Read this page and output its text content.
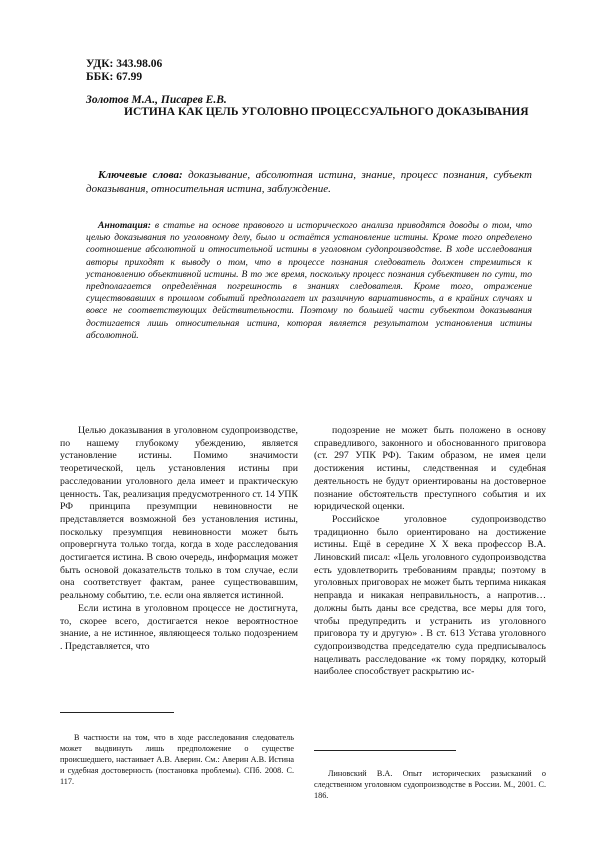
УДК: 343.98.06
ББК: 67.99
Золотов М.А., Писарев Е.В.
ИСТИНА КАК ЦЕЛЬ УГОЛОВНО ПРОЦЕССУАЛЬНОГО ДОКАЗЫВАНИЯ
Ключевые слова: доказывание, абсолютная истина, знание, процесс познания, субъект доказывания, относительная истина, заблуждение.
Аннотация: в статье на основе правового и исторического анализа приводятся доводы о том, что целью доказывания по уголовному делу, было и остаётся установление истины. Кроме того определено соотношение абсолютной и относительной истины в уголовном судопроизводстве. В ходе исследования авторы приходят к выводу о том, что в процессе познания следователь должен стремиться к установлению объективной истины. В то же время, поскольку процесс познания субъективен по сути, то предполагается определённая погрешность в знаниях следователя. Кроме того, отражение существовавших в прошлом событий предполагает их различную вариативность, а в крайних случаях и вовсе не соответствующих действительности. Поэтому по большей части субъектом доказывания достигается лишь относительная истина, которая является результатом установления истины абсолютной.

Целью доказывания в уголовном судопроизводстве, по нашему глубокому убеждению, является установление истины. Помимо значимости теоретической, цель установления истины при расследовании уголовного дела имеет и практическую ценность. Так, реализация предусмотренного ст. 14 УПК РФ принципа презумпции невиновности не представляется возможной без установления истины, поскольку презумпция невиновности может быть опровергнута только тогда, когда в ходе расследования достигается истина. В свою очередь, информация может быть основой доказательств только в том случае, если она соответствует фактам, ранее существовавшим, реальному событию, т.е. если она является истинной.

Если истина в уголовном процессе не достигнута, то, скорее всего, достигается некое вероятностное знание, а не истинное, являющееся только подозрением . Представляется, что

подозрение не может быть положено в основу справедливого, законного и обоснованного приговора (ст. 297 УПК РФ). Таким образом, не имея цели достижения истины, следственная и судебная деятельность не будут ориентированы на достоверное познание обстоятельств преступного события и их юридической оценки.

Российское уголовное судопроизводство традиционно было ориентировано на достижение истины. Ещё в середине X X века профессор В.А. Линовский писал: «Цель уголовного судопроизводства есть удовлетворить требованиям правды; поэтому в уголовных приговорах не может быть терпима никакая неправда и никакая неправильность, а напротив… должны быть даны все средства, все меры для того, чтобы предупредить и устранить из уголовного приговора ту и другую» . В ст. 613 Устава уголовного судопроизводства председателю суда предписывалось нацеливать расследование «к тому порядку, который наиболее способствует раскрытию ис-

В частности на том, что в ходе расследования следователь может выдвинуть лишь предположение о существе происшедшего, настаивает А.В. Аверин. См.: Аверин А.В. Истина и судебная достоверность (постановка проблемы). СПб. 2008. С. 117.
Линовский В.А. Опыт исторических разысканий о следственном уголовном судопроизводстве в России. М., 2001. С. 186.
